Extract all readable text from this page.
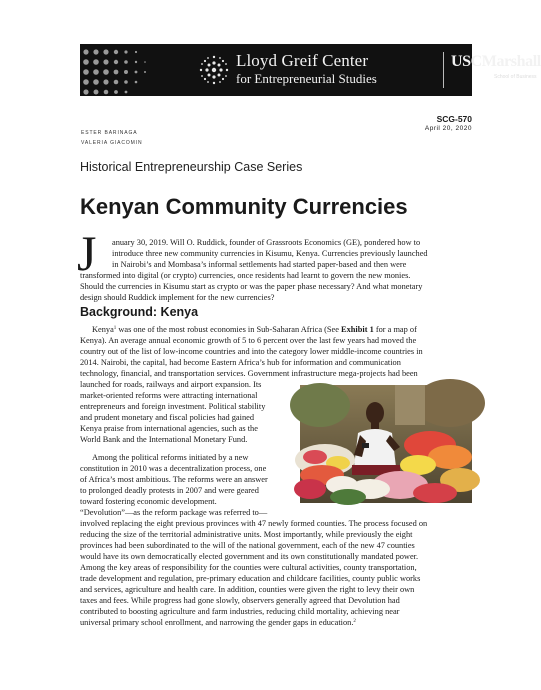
Lloyd Greif Center
for Entrepreneurial Studies
USCMarshall
School of Business
SCG-570
April 20, 2020
ESTER BARINAGA
VALERIA GIACOMIN
Historical Entrepreneurship Case Series
Kenyan Community Currencies
J anuary 30, 2019. Will O. Ruddick, founder of Grassroots Economics (GE), pondered how to
introduce three new community currencies in Kisumu, Kenya. Currencies previously launched
in Nairobi’s and Mombasa’s informal settlements had started paper-based and then were
transformed into digital (or crypto) currencies, once residents had learnt to govern the new monies.
Should the currencies in Kisumu start as crypto or was the paper phase necessary? And what monetary
design should Ruddick implement for the new currencies?
Background: Kenya
Kenya$^1$ was one of the most robust economies in Sub-Saharan Africa (See Exhibit 1 for a map of
Kenya). An average annual economic growth of 5 to 6 percent over the last few years had moved the
country out of the list of low-income countries and into the category lower middle-income countries in
2014. Nairobi, the capital, had become Eastern Africa’s hub for information and communication
technology, financial, and transportation services. Government infrastructure mega-projects had been
launched for roads, railways and airport expansion. Its
market-oriented reforms were attracting international
entrepreneurs and foreign investment. Political stability
and prudent monetary and fiscal policies had gained
Kenya praise from international agencies, such as the
World Bank and the International Monetary Fund.
Among the political reforms initiated by a new
constitution in 2010 was a decentralization process, one
of Africa’s most ambitious. The reforms were an answer
to prolonged deadly protests in 2007 and were geared
toward fostering economic development.
“Devolution”—as the reform package was referred to—
involved replacing the eight previous provinces with 47 newly formed counties. The process focused on
reducing the size of the territorial administrative units. Most importantly, while previously the eight
provinces had been subordinated to the will of the national government, each of the new 47 counties
would have its own democratically elected government and its own constitutionally mandated power.
Among the key areas of responsibility for the counties were cultural activities, county transportation,
trade development and regulation, pre-primary education and childcare facilities, county public works
and services, agriculture and health care. In addition, counties were given the right to levy their own
taxes and fees. While progress had gone slowly, observers generally agreed that Devolution had
contributed to boosting agriculture and farm industries, reducing child mortality, achieving near
universal primary school enrollment, and narrowing the gender gaps in education.$^2$
